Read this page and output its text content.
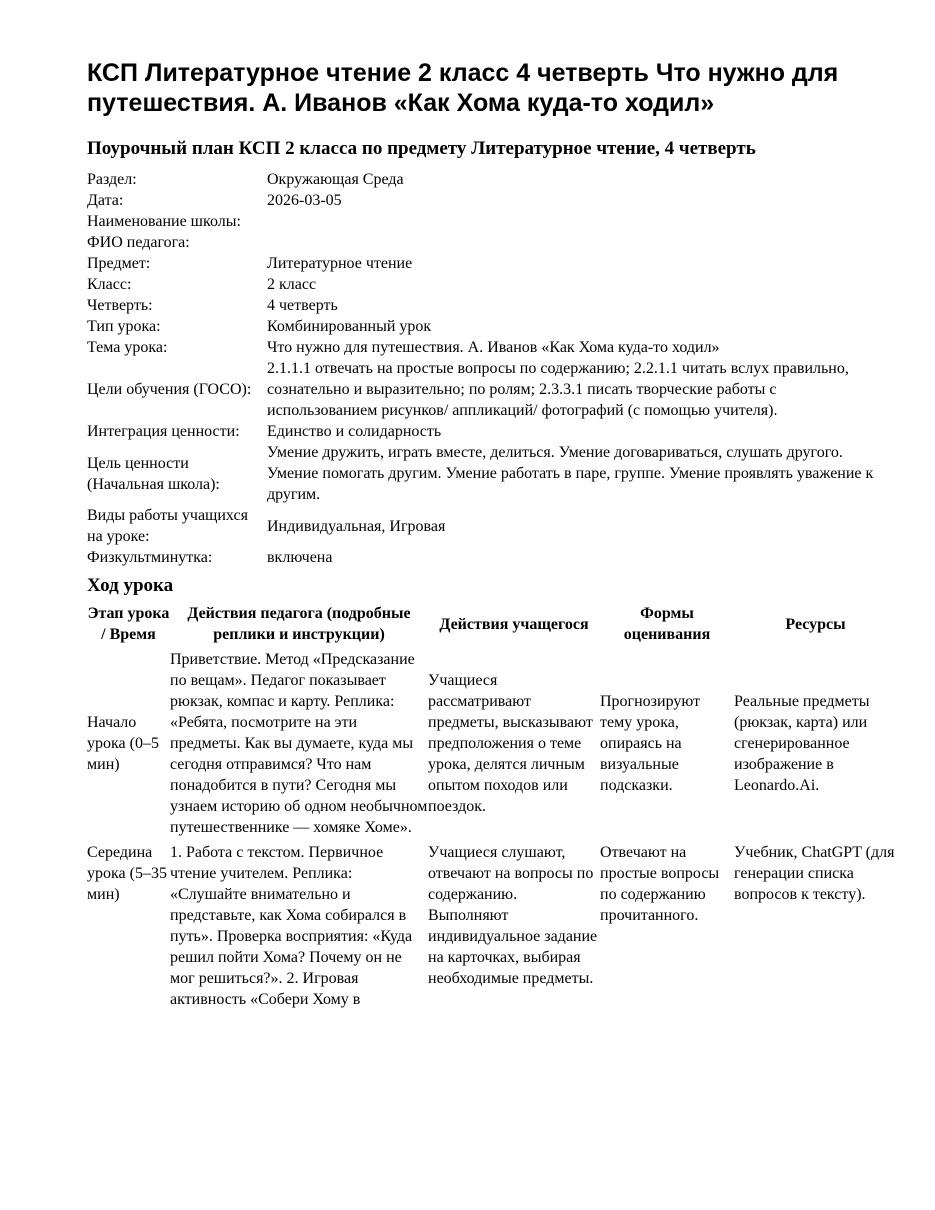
КСП Литературное чтение 2 класс 4 четверть Что нужно для путешествия. А. Иванов «Как Хома куда-то ходил»
Поурочный план КСП 2 класса по предмету Литературное чтение, 4 четверть
Раздел:	Окружающая Среда
Дата:	2026-03-05
Наименование школы:	
ФИО педагога:	
Предмет:	Литературное чтение
Класс:	2 класс
Четверть:	4 четверть
Тип урока:	Комбинированный урок
Тема урока:	Что нужно для путешествия. А. Иванов «Как Хома куда-то ходил»
Цели обучения (ГОСО):	2.1.1.1 отвечать на простые вопросы по содержанию; 2.2.1.1 читать вслух правильно, сознательно и выразительно; по ролям; 2.3.3.1 писать творческие работы с использованием рисунков/ аппликаций/ фотографий (с помощью учителя).
Интеграция ценности:	Единство и солидарность
Цель ценности (Начальная школа):	Умение дружить, играть вместе, делиться. Умение договариваться, слушать другого. Умение помогать другим. Умение работать в паре, группе. Умение проявлять уважение к другим.
Виды работы учащихся на уроке:	Индивидуальная, Игровая
Физкультминутка:	включена
Ход урока
Этап урока / Время	Действия педагога (подробные реплики и инструкции)	Действия учащегося	Формы оценивания	Ресурсы
Начало урока (0–5 мин)	Приветствие. Метод «Предсказание по вещам». Педагог показывает рюкзак, компас и карту. Реплика: «Ребята, посмотрите на эти предметы. Как вы думаете, куда мы сегодня отправимся? Что нам понадобится в пути? Сегодня мы узнаем историю об одном необычном путешественнике — хомяке Хоме».	Учащиеся рассматривают предметы, высказывают предположения о теме урока, делятся личным опытом походов или поездок.	Прогнозируют тему урока, опираясь на визуальные подсказки.	Реальные предметы (рюкзак, карта) или сгенерированное изображение в Leonardo.Ai.
Середина урока (5–35 мин)	1. Работа с текстом. Первичное чтение учителем. Реплика: «Слушайте внимательно и представьте, как Хома собирался в путь». Проверка восприятия: «Куда решил пойти Хома? Почему он не мог решиться?». 2. Игровая активность «Собери Хому в	Учащиеся слушают, отвечают на вопросы по содержанию. Выполняют индивидуальное задание на карточках, выбирая необходимые предметы.	Отвечают на простые вопросы по содержанию прочитанного.	Учебник, ChatGPT (для генерации списка вопросов к тексту).
